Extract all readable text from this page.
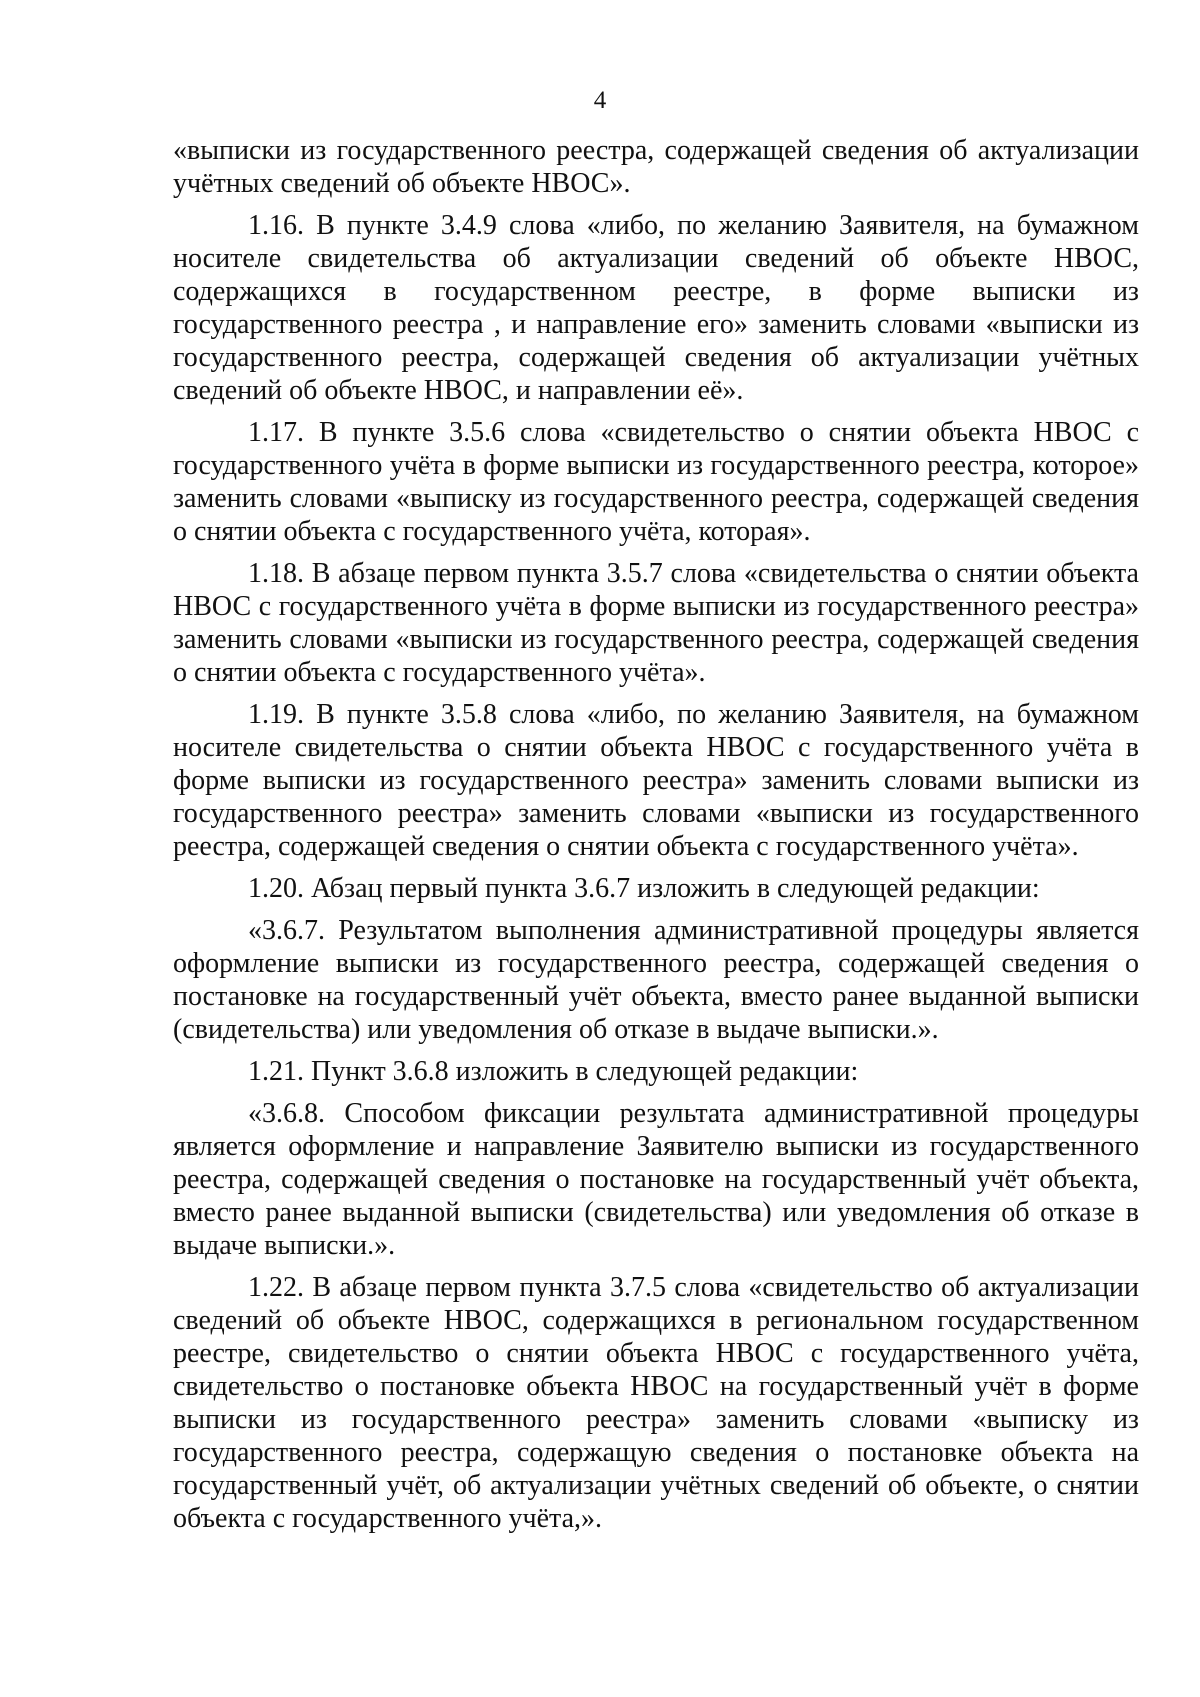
4

«выписки из государственного реестра, содержащей сведения об актуализации учётных сведений об объекте НВОС».

1.16. В пункте 3.4.9 слова «либо, по желанию Заявителя, на бумажном носителе свидетельства об актуализации сведений об объекте НВОС, содержащихся в государственном реестре, в форме выписки из государственного реестра , и направление его» заменить словами «выписки из государственного реестра, содержащей сведения об актуализации учётных сведений об объекте НВОС, и направлении её».

1.17. В пункте 3.5.6 слова «свидетельство о снятии объекта НВОС с государственного учёта в форме выписки из государственного реестра, которое» заменить словами «выписку из государственного реестра, содержащей сведения о снятии объекта с государственного учёта, которая».

1.18. В абзаце первом пункта 3.5.7 слова «свидетельства о снятии объекта НВОС с государственного учёта в форме выписки из государственного реестра» заменить словами «выписки из государственного реестра, содержащей сведения о снятии объекта с государственного учёта».

1.19. В пункте 3.5.8 слова «либо, по желанию Заявителя, на бумажном носителе свидетельства о снятии объекта НВОС с государственного учёта в форме выписки из государственного реестра» заменить словами выписки из государственного реестра» заменить словами «выписки из государственного реестра, содержащей сведения о снятии объекта с государственного учёта».

1.20. Абзац первый пункта 3.6.7 изложить в следующей редакции:

«3.6.7. Результатом выполнения административной процедуры является оформление выписки из государственного реестра, содержащей сведения о постановке на государственный учёт объекта, вместо ранее выданной выписки (свидетельства) или уведомления об отказе в выдаче выписки.».

1.21. Пункт 3.6.8 изложить в следующей редакции:

«3.6.8. Способом фиксации результата административной процедуры является оформление и направление Заявителю выписки из государственного реестра, содержащей сведения о постановке на государственный учёт объекта, вместо ранее выданной выписки (свидетельства) или уведомления об отказе в выдаче выписки.».

1.22. В абзаце первом пункта 3.7.5 слова «свидетельство об актуализации сведений об объекте НВОС, содержащихся в региональном государственном реестре, свидетельство о снятии объекта НВОС с государственного учёта, свидетельство о постановке объекта НВОС на государственный учёт в форме выписки из государственного реестра» заменить словами «выписку из государственного реестра, содержащую сведения о постановке объекта на государственный учёт, об актуализации учётных сведений об объекте, о снятии объекта с государственного учёта,».
